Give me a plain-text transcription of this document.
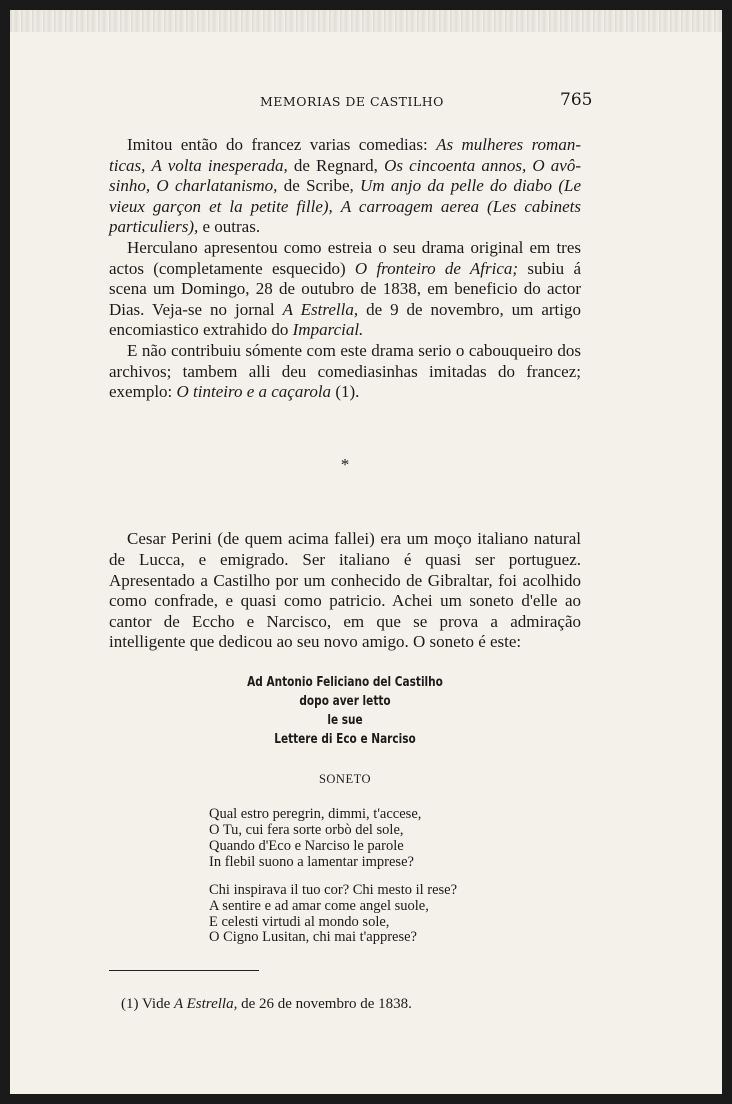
MEMORIAS DE CASTILHO	765

Imitou então do francez varias comedias: As mulheres roman-ticas, A volta inesperada, de Regnard, Os cincoenta annos, O avô-sinho, O charlatanismo, de Scribe, Um anjo da pelle do diabo (Le vieux garçon et la petite fille), A carroagem aerea (Les cabinets particuliers), e outras.

Herculano apresentou como estreia o seu drama original em tres actos (completamente esquecido) O fronteiro de Africa; subiu á scena um Domingo, 28 de outubro de 1838, em beneficio do actor Dias. Veja-se no jornal A Estrella, de 9 de novembro, um artigo encomiastico extrahido do Imparcial.

E não contribuiu sómente com este drama serio o cabouqueiro dos archivos; tambem alli deu comediasinhas imitadas do francez; exemplo: O tinteiro e a caçarola (1).

*

Cesar Perini (de quem acima fallei) era um moço italiano natural de Lucca, e emigrado. Ser italiano é quasi ser portuguez. Apresentado a Castilho por um conhecido de Gibraltar, foi acolhido como confrade, e quasi como patricio. Achei um soneto d'elle ao cantor de Eccho e Narcisco, em que se prova a admiração intelligente que dedicou ao seu novo amigo. O soneto é este:

Ad Antonio Feliciano del Castilho
dopo aver letto
le sue
Lettere di Eco e Narciso
SONETO
Qual estro peregrin, dimmi, t'accese,
O Tu, cui fera sorte orbò del sole,
Quando d'Eco e Narciso le parole
In flebil suono a lamentar imprese?
Chi inspirava il tuo cor? Chi mesto il rese?
A sentire e ad amar come angel suole,
E celesti virtudi al mondo sole,
O Cigno Lusitan, chi mai t'apprese?
(1) Vide A Estrella, de 26 de novembro de 1838.
